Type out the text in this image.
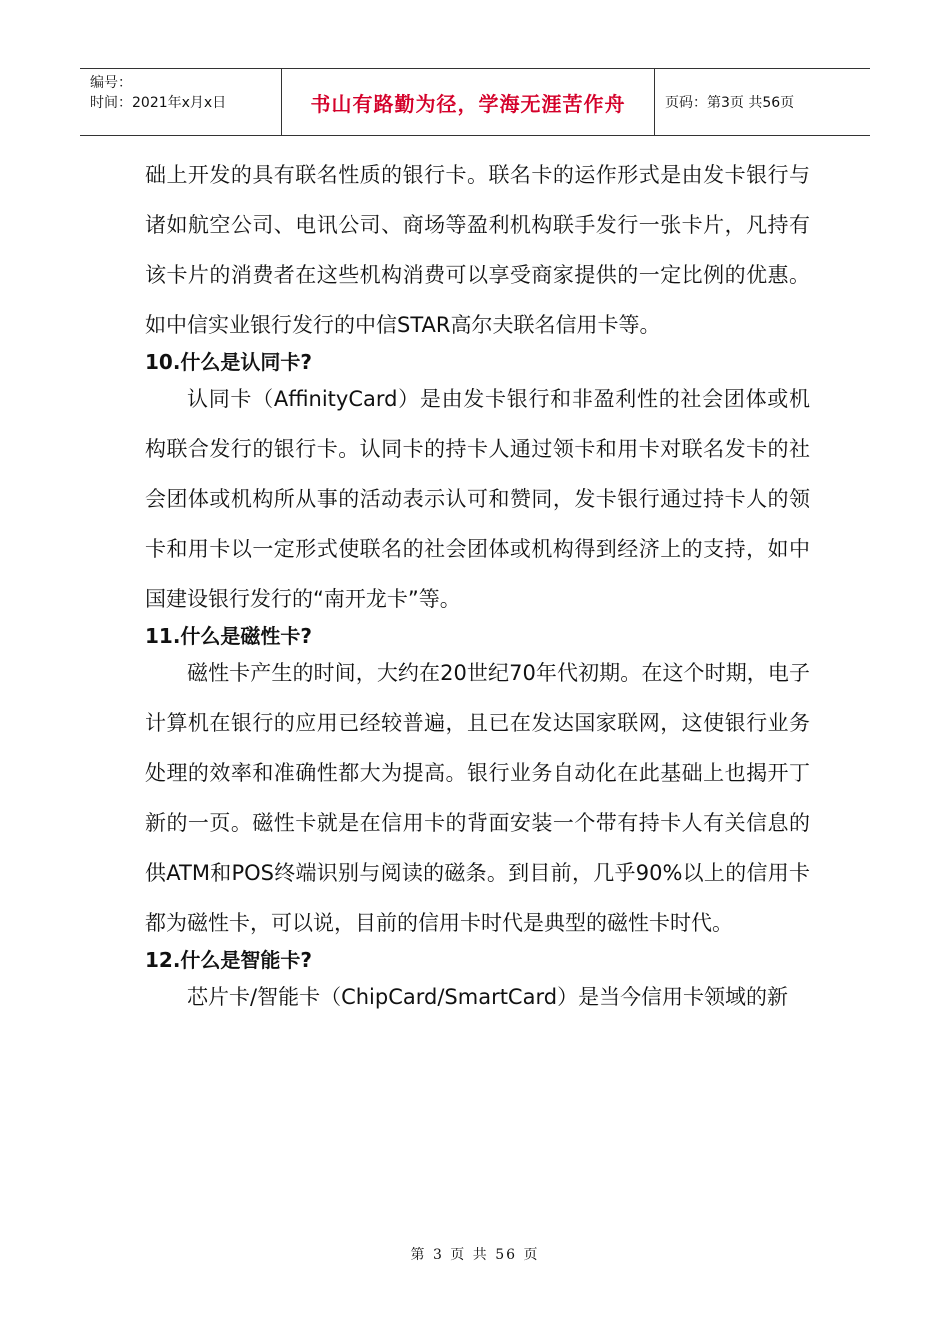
编号：
时间：2021年x月x日	书山有路勤为径，学海无涯苦作舟	页码：第3页 共56页

础上开发的具有联名性质的银行卡。联名卡的运作形式是由发卡银行与诸如航空公司、电讯公司、商场等盈利机构联手发行一张卡片，凡持有该卡片的消费者在这些机构消费可以享受商家提供的一定比例的优惠。如中信实业银行发行的中信STAR高尔夫联名信用卡等。

10.什么是认同卡?

认同卡（AffinityCard）是由发卡银行和非盈利性的社会团体或机构联合发行的银行卡。认同卡的持卡人通过领卡和用卡对联名发卡的社会团体或机构所从事的活动表示认可和赞同，发卡银行通过持卡人的领卡和用卡以一定形式使联名的社会团体或机构得到经济上的支持，如中国建设银行发行的“南开龙卡”等。

11.什么是磁性卡?

磁性卡产生的时间，大约在20世纪70年代初期。在这个时期，电子计算机在银行的应用已经较普遍，且已在发达国家联网，这使银行业务处理的效率和准确性都大为提高。银行业务自动化在此基础上也揭开丁新的一页。磁性卡就是在信用卡的背面安装一个带有持卡人有关信息的供ATM和POS终端识别与阅读的磁条。到目前，几乎90%以上的信用卡都为磁性卡，可以说，目前的信用卡时代是典型的磁性卡时代。

12.什么是智能卡?

芯片卡/智能卡（ChipCard/SmartCard）是当今信用卡领域的新

第 3 页 共 56 页
